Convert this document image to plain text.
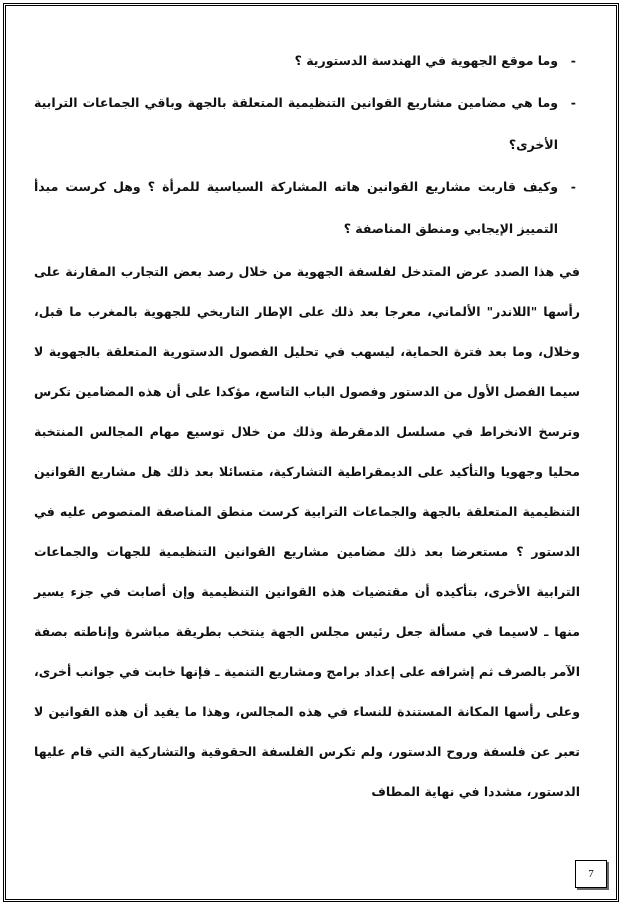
-
وما موقع الجهوية في الهندسة الدستورية ؟
-
وما هي مضامين مشاريع القوانين التنظيمية المتعلقة بالجهة وباقي الجماعات الترابية الأخرى؟
-
وكيف قاربت مشاريع القوانين هاته المشاركة السياسية للمرأة ؟ وهل كرست مبدأ التمييز الإيجابي ومنطق المناصفة ؟

في هذا الصدد عرض المتدخل لفلسفة الجهوية من خلال رصد بعض التجارب المقارنة على رأسها "اللاندر" الألماني، معرجا بعد ذلك على الإطار التاريخي للجهوية بالمغرب ما قبل، وخلال، وما بعد فترة الحماية، ليسهب في تحليل الفصول الدستورية المتعلقة بالجهوية لا سيما الفصل الأول من الدستور وفصول الباب التاسع، مؤكدا على أن هذه المضامين تكرس وترسخ الانخراط في مسلسل الدمقرطة وذلك من خلال توسيع مهام المجالس المنتخبة محليا وجهويا والتأكيد على الديمقراطية التشاركية، متسائلا بعد ذلك هل مشاريع القوانين التنظيمية المتعلقة بالجهة والجماعات الترابية كرست منطق المناصفة المنصوص عليه في الدستور ؟ مستعرضا بعد ذلك مضامين مشاريع القوانين التنظيمية للجهات والجماعات الترابية الأخرى، بتأكيده أن مقتضيات هذه القوانين التنظيمية وإن أصابت في جزء يسير منها ـ لاسيما في مسألة جعل رئيس مجلس الجهة ينتخب بطريقة مباشرة وإناطته بصفة الآمر بالصرف ثم إشرافه على إعداد برامج ومشاريع التنمية ـ فإنها خابت في جوانب أخرى، وعلى رأسها المكانة المستندة للنساء في هذه المجالس، وهذا ما يفيد أن هذه القوانين لا تعبر عن فلسفة وروح الدستور، ولم تكرس الفلسفة الحقوقية والتشاركية التي قام عليها الدستور، مشددا في نهاية المطاف

7
